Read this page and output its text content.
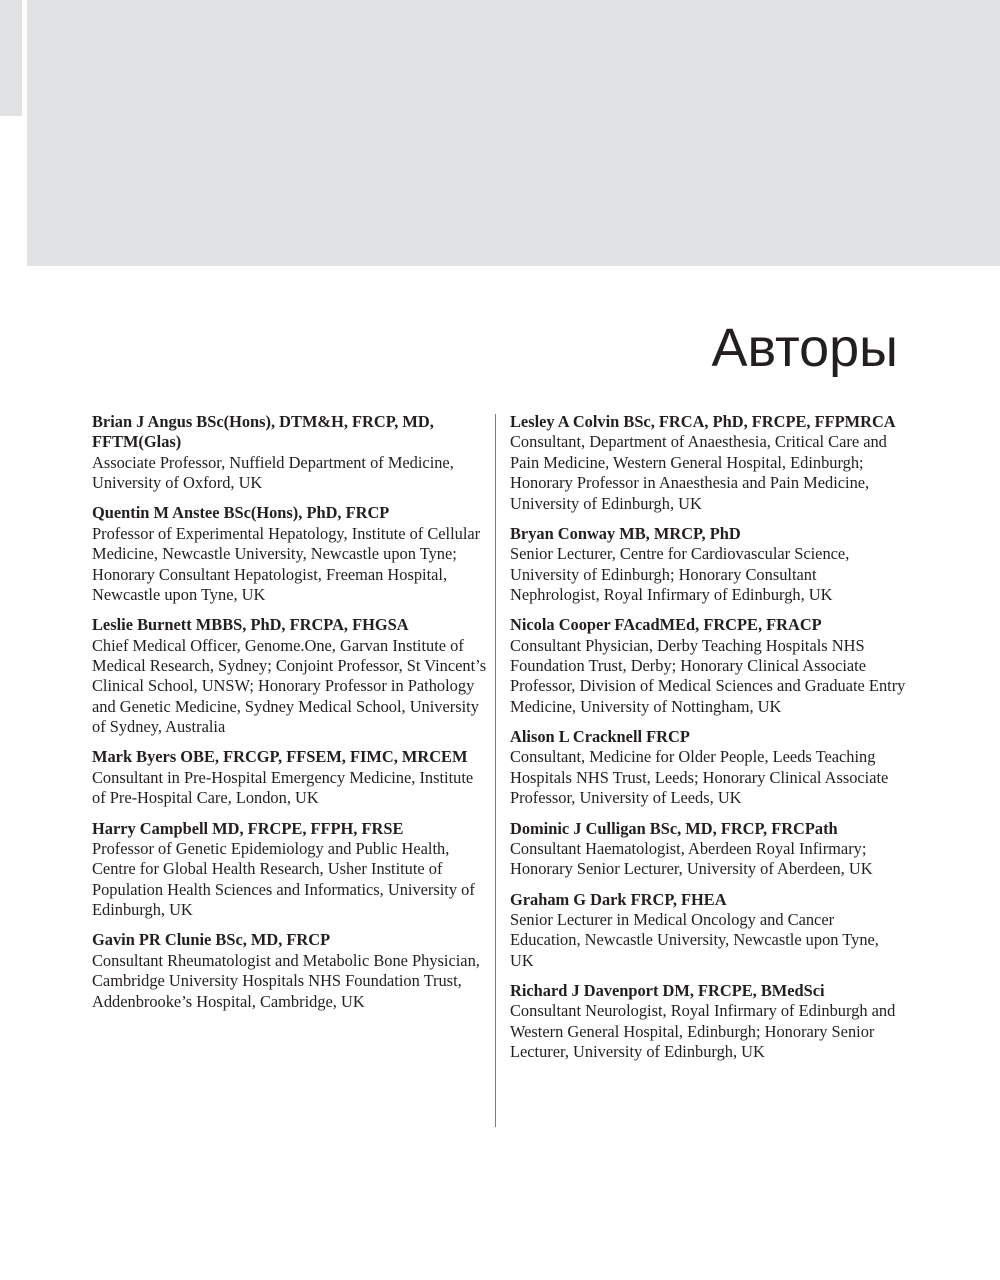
Авторы
Brian J Angus BSc(Hons), DTM&H, FRCP, MD, FFTM(Glas)
Associate Professor, Nuffield Department of Medicine, University of Oxford, UK
Quentin M Anstee BSc(Hons), PhD, FRCP
Professor of Experimental Hepatology, Institute of Cellular Medicine, Newcastle University, Newcastle upon Tyne; Honorary Consultant Hepatologist, Freeman Hospital, Newcastle upon Tyne, UK
Leslie Burnett MBBS, PhD, FRCPA, FHGSA
Chief Medical Officer, Genome.One, Garvan Institute of Medical Research, Sydney; Conjoint Professor, St Vincent’s Clinical School, UNSW; Honorary Professor in Pathology and Genetic Medicine, Sydney Medical School, University of Sydney, Australia
Mark Byers OBE, FRCGP, FFSEM, FIMC, MRCEM
Consultant in Pre-Hospital Emergency Medicine, Institute of Pre-Hospital Care, London, UK
Harry Campbell MD, FRCPE, FFPH, FRSE
Professor of Genetic Epidemiology and Public Health, Centre for Global Health Research, Usher Institute of Population Health Sciences and Informatics, University of Edinburgh, UK
Gavin PR Clunie BSc, MD, FRCP
Consultant Rheumatologist and Metabolic Bone Physician, Cambridge University Hospitals NHS Foundation Trust, Addenbrooke’s Hospital, Cambridge, UK
Lesley A Colvin BSc, FRCA, PhD, FRCPE, FFPMRCA
Consultant, Department of Anaesthesia, Critical Care and Pain Medicine, Western General Hospital, Edinburgh; Honorary Professor in Anaesthesia and Pain Medicine, University of Edinburgh, UK
Bryan Conway MB, MRCP, PhD
Senior Lecturer, Centre for Cardiovascular Science, University of Edinburgh; Honorary Consultant Nephrologist, Royal Infirmary of Edinburgh, UK
Nicola Cooper FAcadMEd, FRCPE, FRACP
Consultant Physician, Derby Teaching Hospitals NHS Foundation Trust, Derby; Honorary Clinical Associate Professor, Division of Medical Sciences and Graduate Entry Medicine, University of Nottingham, UK
Alison L Cracknell FRCP
Consultant, Medicine for Older People, Leeds Teaching Hospitals NHS Trust, Leeds; Honorary Clinical Associate Professor, University of Leeds, UK
Dominic J Culligan BSc, MD, FRCP, FRCPath
Consultant Haematologist, Aberdeen Royal Infirmary; Honorary Senior Lecturer, University of Aberdeen, UK
Graham G Dark FRCP, FHEA
Senior Lecturer in Medical Oncology and Cancer Education, Newcastle University, Newcastle upon Tyne, UK
Richard J Davenport DM, FRCPE, BMedSci
Consultant Neurologist, Royal Infirmary of Edinburgh and Western General Hospital, Edinburgh; Honorary Senior Lecturer, University of Edinburgh, UK
